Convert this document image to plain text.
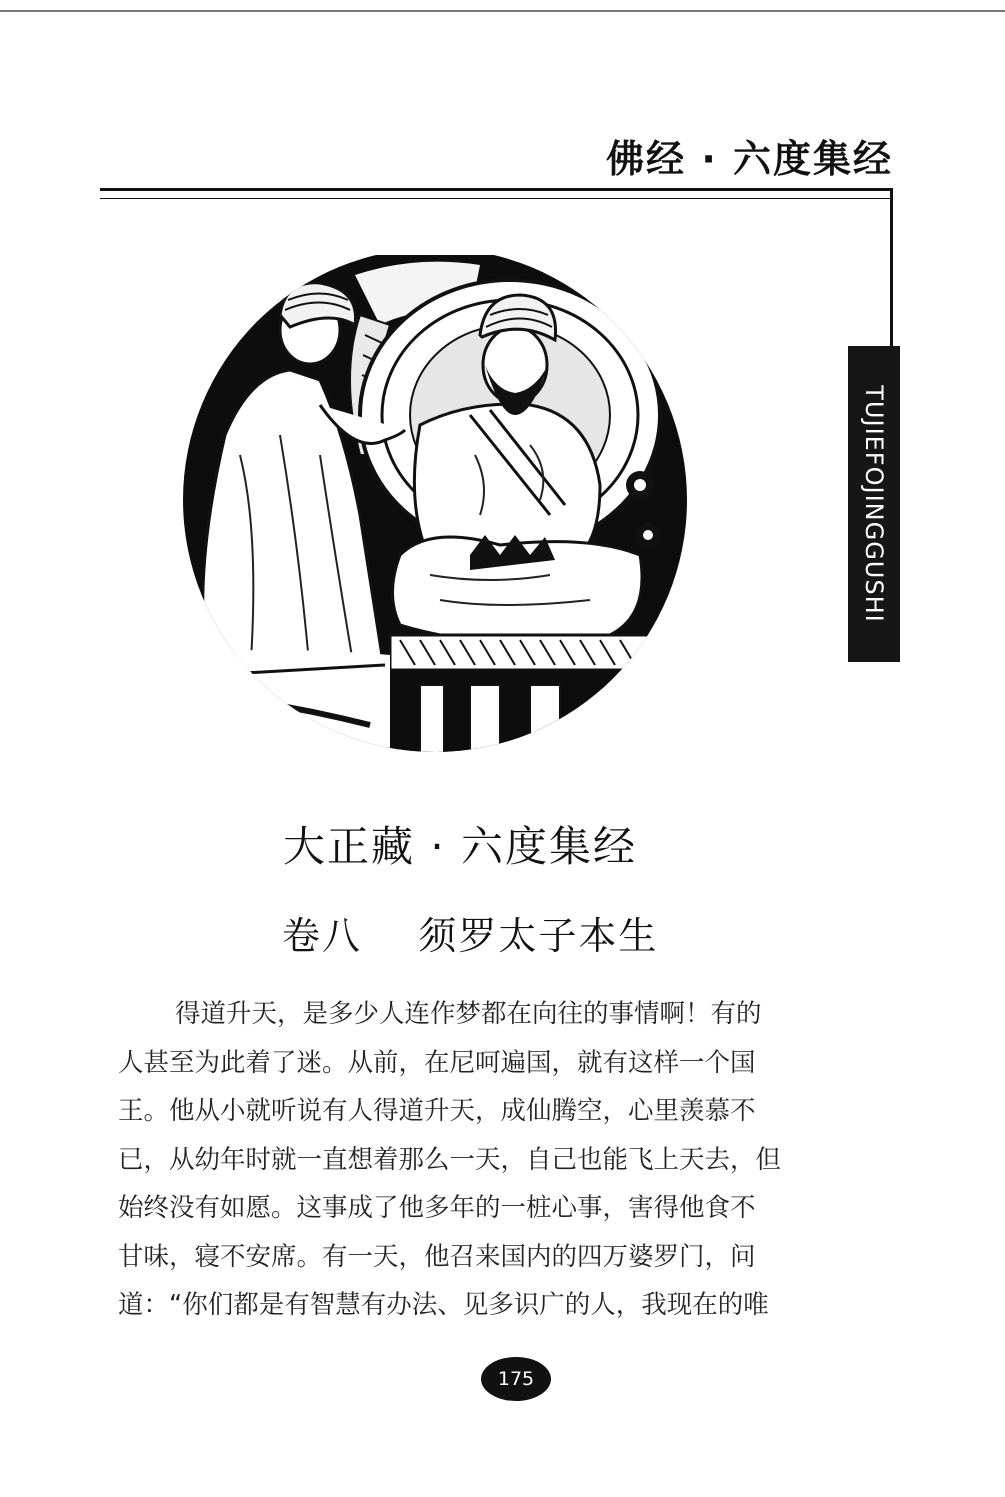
佛经 · 六度集经
TUJIEFOJINGGUSHI
大正藏 · 六度集经
卷八 须罗太子本生
得道升天，是多少人连作梦都在向往的事情啊！有的
人甚至为此着了迷。从前，在尼呵遍国，就有这样一个国
王。他从小就听说有人得道升天，成仙腾空，心里羡慕不
已，从幼年时就一直想着那么一天，自己也能飞上天去，但
始终没有如愿。这事成了他多年的一桩心事，害得他食不
甘味，寝不安席。有一天，他召来国内的四万婆罗门，问
道：“你们都是有智慧有办法、见多识广的人，我现在的唯
175
